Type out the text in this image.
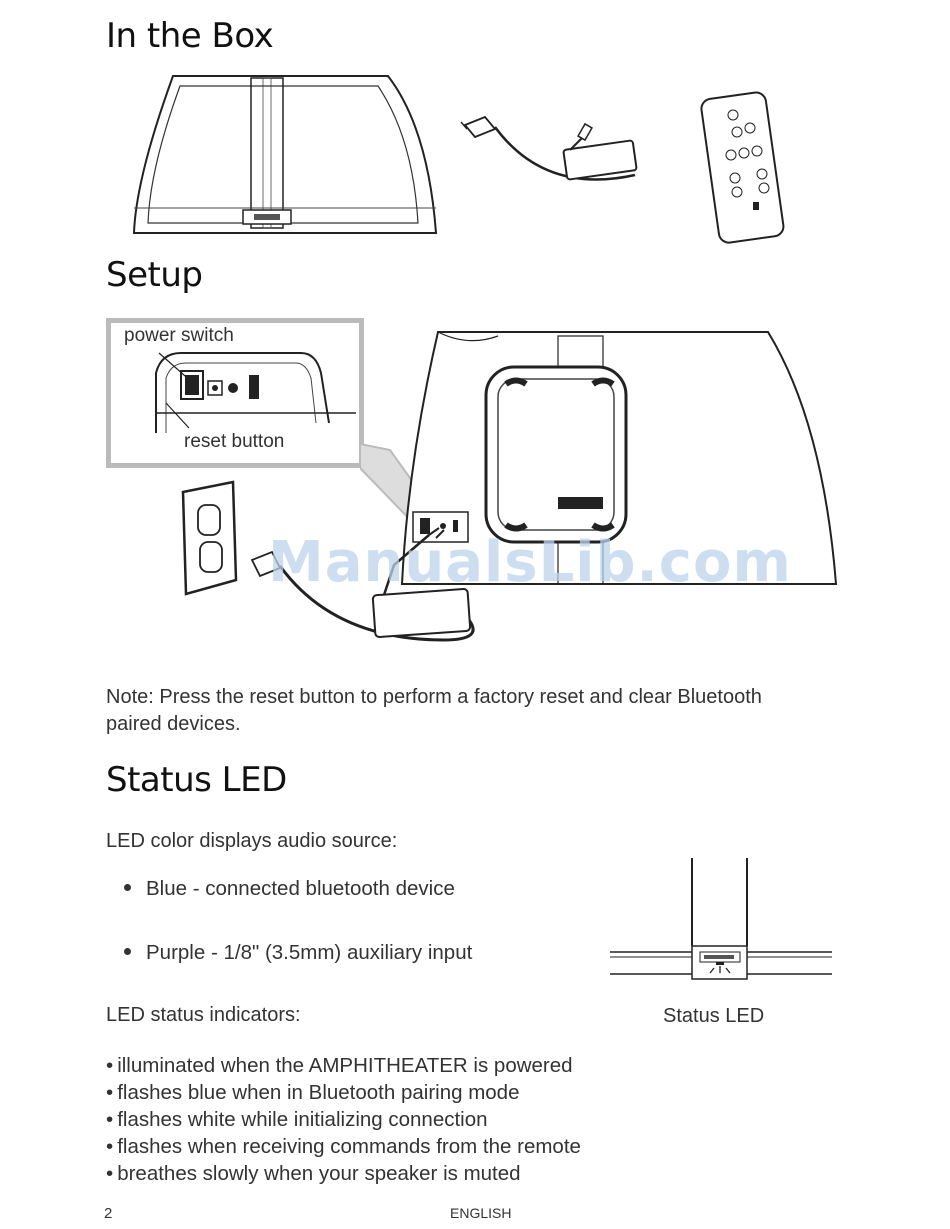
In the Box
Setup
Status LED
power switch
reset button
ManualsLib.com

Note: Press the reset button to perform a factory reset and clear Bluetooth

paired devices.

LED color displays audio source:

Blue - connected bluetooth device
Purple - 1/8" (3.5mm) auxiliary input

LED status indicators:

• illuminated when the AMPHITHEATER is powered
• flashes blue when in Bluetooth pairing mode
• flashes white while initializing connection
• flashes when receiving commands from the remote
• breathes slowly when your speaker is muted

Status LED

2	ENGLISH
